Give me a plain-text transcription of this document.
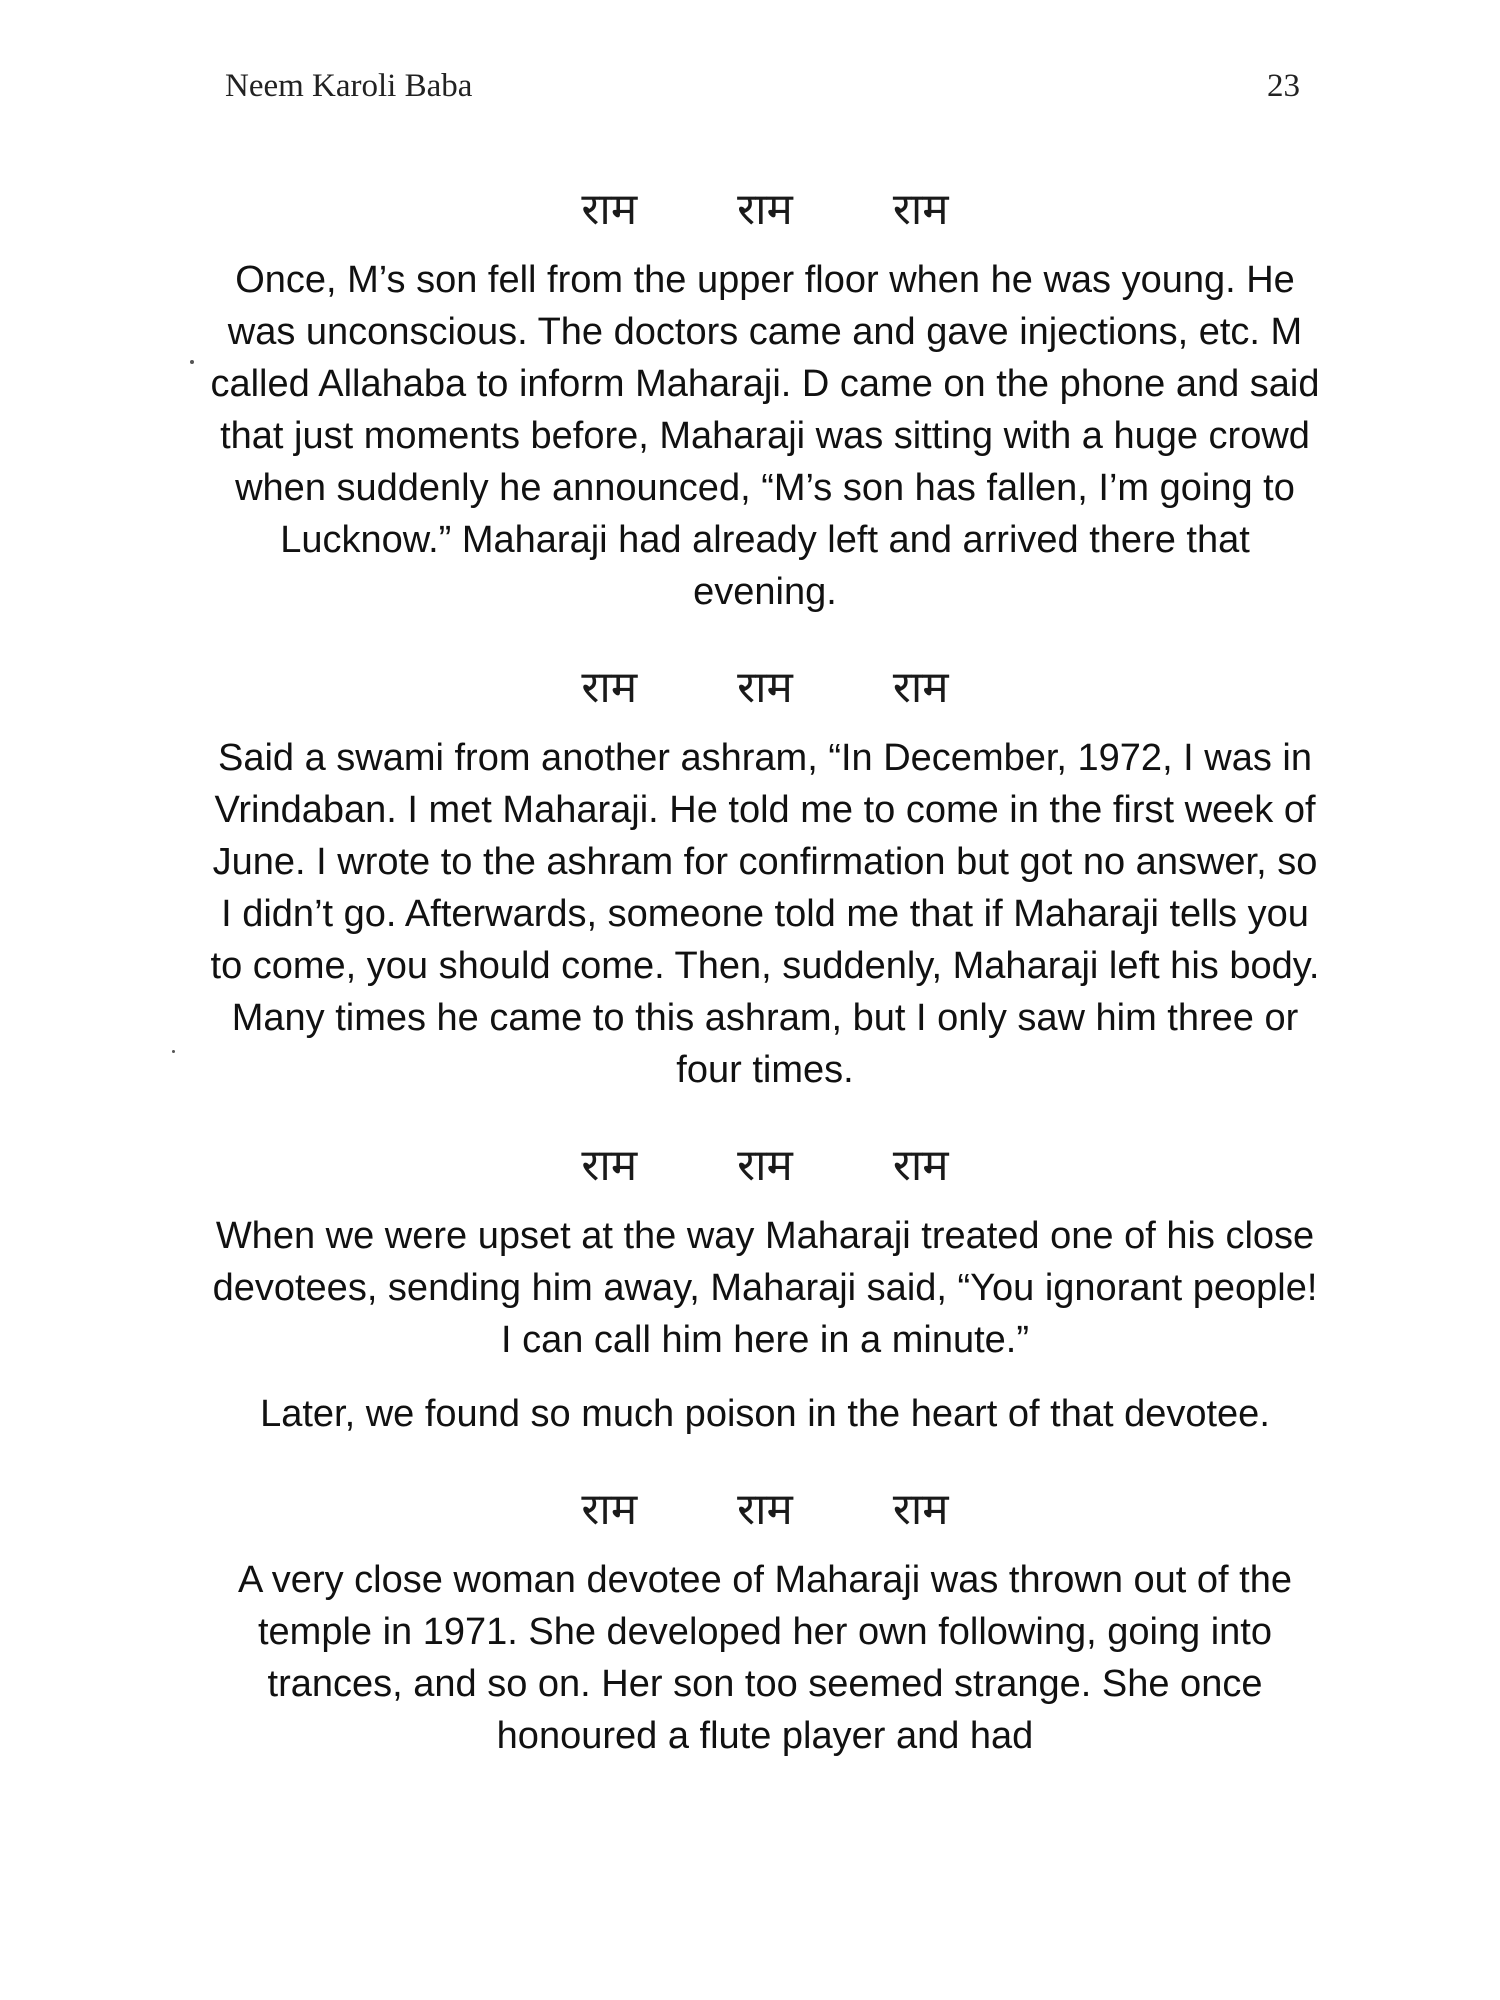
Neem Karoli Baba	23
राम राम राम

Once, M’s son fell from the upper floor when he was young. He was unconscious. The doctors came and gave injections, etc. M called Allahaba to inform Maharaji. D came on the phone and said that just moments before, Maharaji was sitting with a huge crowd when suddenly he announced, “M’s son has fallen, I’m going to Lucknow.” Maharaji had already left and arrived there that evening.

राम राम राम

Said a swami from another ashram, “In December, 1972, I was in Vrindaban. I met Maharaji. He told me to come in the first week of June. I wrote to the ashram for confirmation but got no answer, so I didn’t go. Afterwards, someone told me that if Maharaji tells you to come, you should come. Then, suddenly, Maharaji left his body. Many times he came to this ashram, but I only saw him three or four times.

राम राम राम

When we were upset at the way Maharaji treated one of his close devotees, sending him away, Maharaji said, “You ignorant people! I can call him here in a minute.”

Later, we found so much poison in the heart of that devotee.

राम राम राम

A very close woman devotee of Maharaji was thrown out of the temple in 1971. She developed her own following, going into trances, and so on. Her son too seemed strange. She once honoured a flute player and had
